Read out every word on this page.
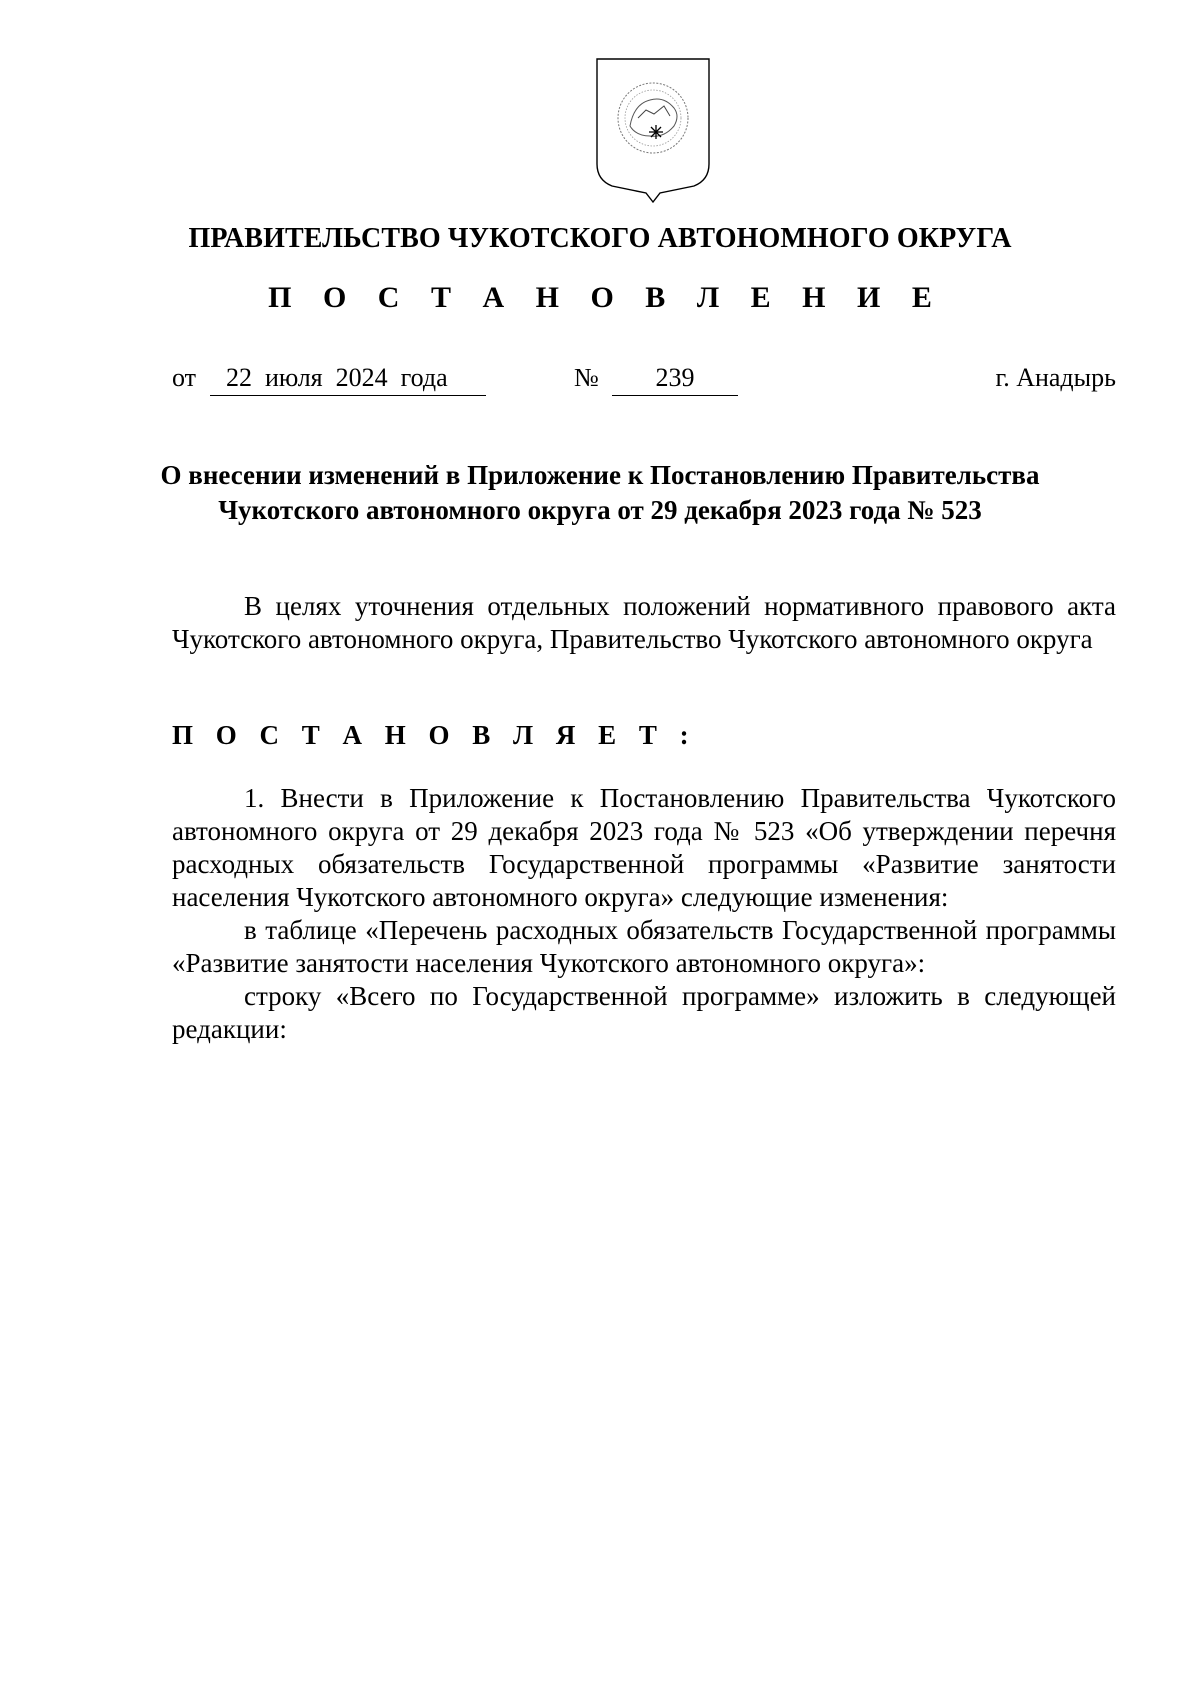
ПРАВИТЕЛЬСТВО ЧУКОТСКОГО АВТОНОМНОГО ОКРУГА
П О С Т А Н О В Л Е Н И Е
от	22  июля  2024  года	№	239	г. Анадырь
О внесении изменений в Приложение к Постановлению Правительства
Чукотского автономного округа от 29 декабря 2023 года № 523

В целях уточнения отдельных положений нормативного правового акта Чукотского автономного округа, Правительство Чукотского автономного округа

П О С Т А Н О В Л Я Е Т :

1. Внести в Приложение к Постановлению Правительства Чукотского автономного округа от 29 декабря 2023 года № 523 «Об утверждении перечня расходных обязательств Государственной программы «Развитие занятости населения Чукотского автономного округа» следующие изменения:

в таблице «Перечень расходных обязательств Государственной программы «Развитие занятости населения Чукотского автономного округа»:

строку «Всего по Государственной программе» изложить в следующей редакции:
